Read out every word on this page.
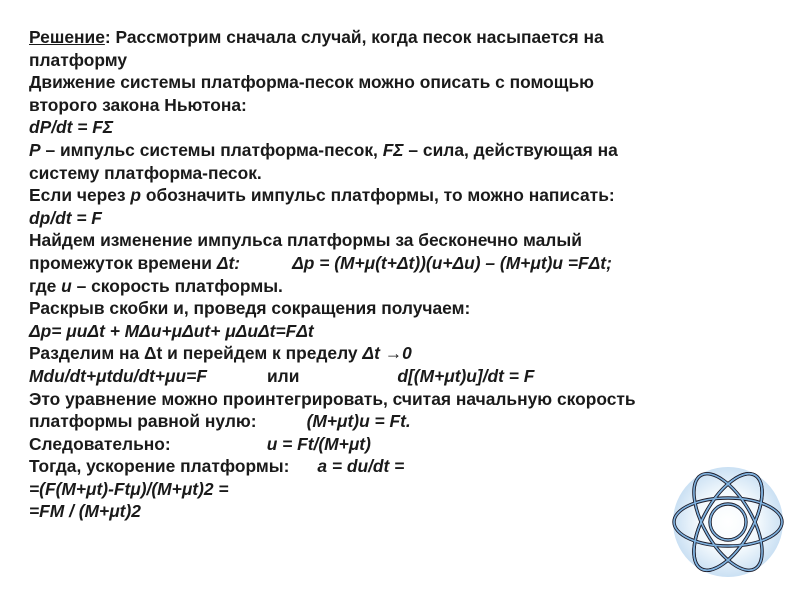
Решение: Рассмотрим сначала случай, когда песок насыпается на
платформу
Движение системы платформа-песок можно описать с помощью
второго закона Ньютона:
dP/dt = FΣ
P – импульс системы платформа-песок, FΣ – сила, действующая на
систему платформа-песок.
Если через p обозначить импульс платформы, то можно написать:
dp/dt = F
Найдем изменение импульса платформы за бесконечно малый
промежуток времени Δt:	Δp = (M+μ(t+Δt))(u+Δu) – (M+μt)u =FΔt;
где u – скорость платформы.
Раскрыв скобки и, проведя сокращения получаем:
Δp= μuΔt + MΔu+μΔut+ μΔuΔt=FΔt
Разделим на Δt и перейдем к пределу Δt →0
Mdu/dt+μtdu/dt+μu=F	или	d[(M+μt)u]/dt = F
Это уравнение можно проинтегрировать, считая начальную скорость
платформы равной нулю:	(M+μt)u = Ft.
Следовательно:	u = Ft/(M+μt)
Тогда, ускорение платформы: a = du/dt =
=(F(M+μt)-Ftμ)/(M+μt)2 =
=FM / (M+μt)2
